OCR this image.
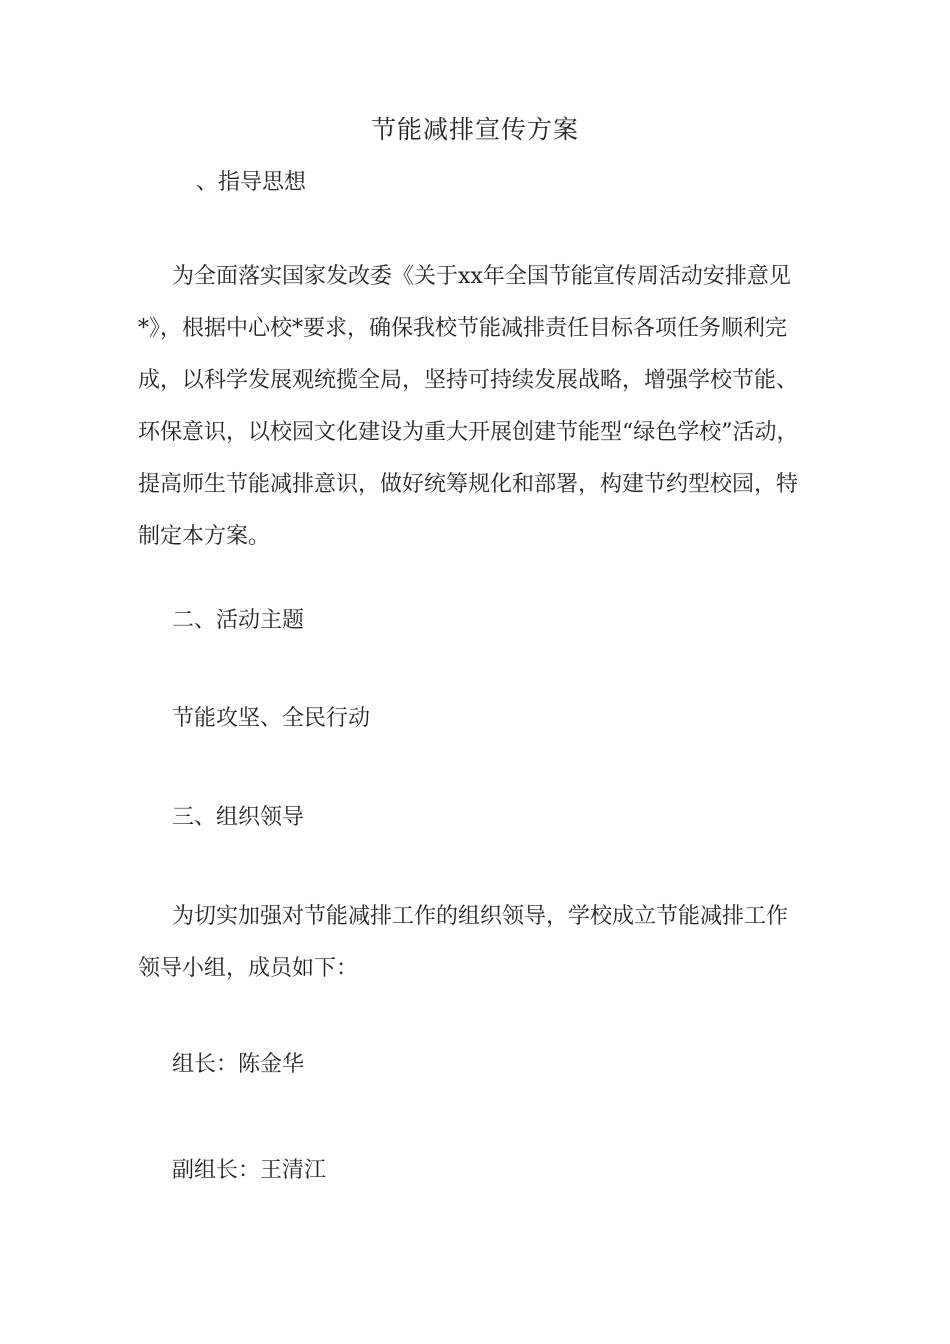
节能减排宣传方案
、指导思想
为全面落实国家发改委《关于xx年全国节能宣传周活动安排意见
*》，根据中心校*要求，确保我校节能减排责任目标各项任务顺利完
成，以科学发展观统揽全局，坚持可持续发展战略，增强学校节能、
环保意识，以校园文化建设为重大开展创建节能型“绿色学校”活动，
提高师生节能减排意识，做好统筹规化和部署，构建节约型校园，特
制定本方案。
二、活动主题
节能攻坚、全民行动
三、组织领导
为切实加强对节能减排工作的组织领导，学校成立节能减排工作
领导小组，成员如下：
组长：陈金华
副组长：王清江
